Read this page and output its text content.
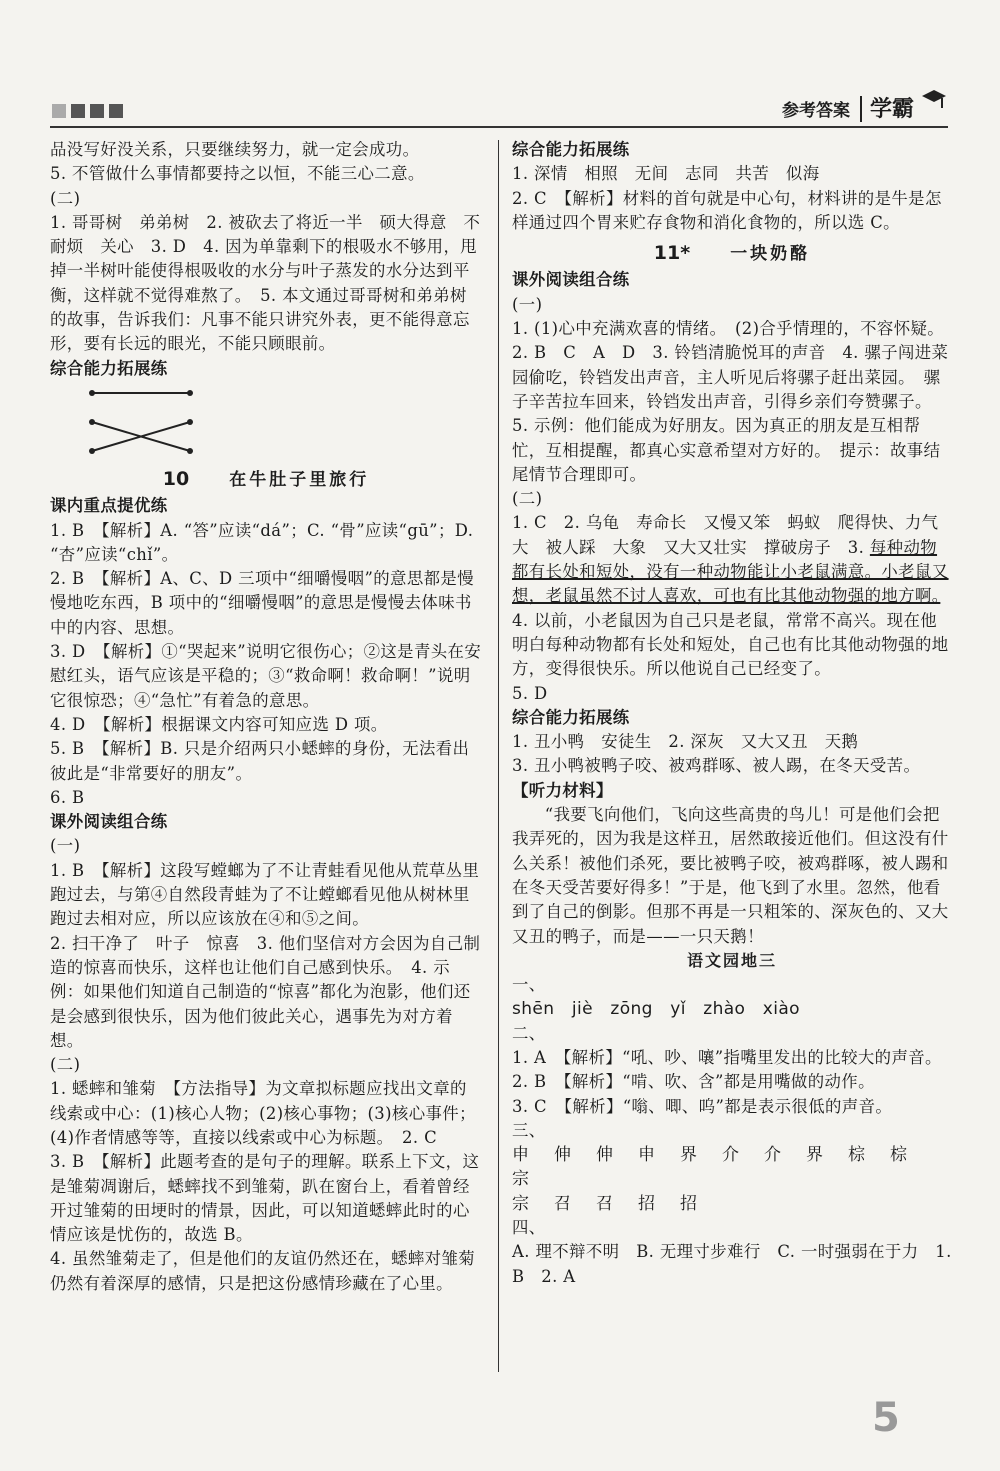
参考答案 学霸

品没写好没关系，只要继续努力，就一定会成功。

5. 不管做什么事情都要持之以恒，不能三心二意。

(二)

1. 哥哥树　弟弟树　2. 被砍去了将近一半　硕大得意　不耐烦　关心　3. D　4. 因为单靠剩下的根吸水不够用，甩掉一半树叶能使得根吸收的水分与叶子蒸发的水分达到平衡，这样就不觉得难熬了。　5. 本文通过哥哥树和弟弟树的故事，告诉我们：凡事不能只讲究外表，更不能得意忘形，要有长远的眼光，不能只顾眼前。

综合能力拓展练

10 在牛肚子里旅行

课内重点提优练

1. B　【解析】A. “答”应读“dá”；C. “骨”应读“gū”；D. “杏”应读“chǐ”。

2. B　【解析】A、C、D 三项中“细嚼慢咽”的意思都是慢慢地吃东西，B 项中的“细嚼慢咽”的意思是慢慢去体味书中的内容、思想。

3. D　【解析】①“哭起来”说明它很伤心；②这是青头在安慰红头，语气应该是平稳的；③“救命啊！救命啊！”说明它很惊恐；④“急忙”有着急的意思。

4. D　【解析】根据课文内容可知应选 D 项。

5. B　【解析】B. 只是介绍两只小蟋蟀的身份，无法看出彼此是“非常要好的朋友”。

6. B

课外阅读组合练

(一)

1. B　【解析】这段写螳螂为了不让青蛙看见他从荒草丛里跑过去，与第④自然段青蛙为了不让螳螂看见他从树林里跑过去相对应，所以应该放在④和⑤之间。

2. 扫干净了　叶子　惊喜　3. 他们坚信对方会因为自己制造的惊喜而快乐，这样也让他们自己感到快乐。　4. 示例：如果他们知道自己制造的“惊喜”都化为泡影，他们还是会感到很快乐，因为他们彼此关心，遇事先为对方着想。

(二)

1. 蟋蟀和雏菊　【方法指导】为文章拟标题应找出文章的线索或中心：(1)核心人物；(2)核心事物；(3)核心事件；(4)作者情感等等，直接以线索或中心为标题。　2. C

3. B　【解析】此题考查的是句子的理解。联系上下文，这是雏菊凋谢后，蟋蟀找不到雏菊，趴在窗台上，看着曾经开过雏菊的田埂时的情景，因此，可以知道蟋蟀此时的心情应该是忧伤的，故选 B。

4. 虽然雏菊走了，但是他们的友谊仍然还在，蟋蟀对雏菊仍然有着深厚的感情，只是把这份感情珍藏在了心里。

综合能力拓展练

1. 深情　相照　无间　志同　共苦　似海

2. C　【解析】材料的首句就是中心句，材料讲的是牛是怎样通过四个胃来贮存食物和消化食物的，所以选 C。

11* 一块奶酪

课外阅读组合练

(一)

1. (1)心中充满欢喜的情绪。　(2)合乎情理的，不容怀疑。　2. B　C　A　D　3. 铃铛清脆悦耳的声音　4. 骡子闯进菜园偷吃，铃铛发出声音，主人听见后将骡子赶出菜园。　骡子辛苦拉车回来，铃铛发出声音，引得乡亲们夸赞骡子。　5. 示例：他们能成为好朋友。因为真正的朋友是互相帮忙，互相提醒，都真心实意希望对方好的。　提示：故事结尾情节合理即可。

(二)

1. C　2. 乌龟　寿命长　又慢又笨　蚂蚁　爬得快、力气大　被人踩　大象　又大又壮实　撑破房子　3. 每种动物都有长处和短处，没有一种动物能让小老鼠满意。小老鼠又想，老鼠虽然不讨人喜欢，可也有比其他动物强的地方啊。　4. 以前，小老鼠因为自己只是老鼠，常常不高兴。现在他明白每种动物都有长处和短处，自己也有比其他动物强的地方，变得很快乐。所以他说自己已经变了。

5. D

综合能力拓展练

1. 丑小鸭　安徒生　2. 深灰　又大又丑　天鹅

3. 丑小鸭被鸭子咬、被鸡群啄、被人踢，在冬天受苦。

【听力材料】

“我要飞向他们，飞向这些高贵的鸟儿！可是他们会把我弄死的，因为我是这样丑，居然敢接近他们。但这没有什么关系！被他们杀死，要比被鸭子咬，被鸡群啄，被人踢和在冬天受苦要好得多！”于是，他飞到了水里。忽然，他看到了自己的倒影。但那不再是一只粗笨的、深灰色的、又大又丑的鸭子，而是——一只天鹅！

语文园地三

一、

shēn　jiè　zōng　yǐ　zhào　xiào

二、

1. A　【解析】“吼、吵、嚷”指嘴里发出的比较大的声音。

2. B　【解析】“啃、吹、含”都是用嘴做的动作。

3. C　【解析】“嗡、唧、呜”都是表示很低的声音。

三、

申　伸　伸　申　界　介　介　界　棕　棕　宗

宗　召　召　招　招

四、

A. 理不辩不明　B. 无理寸步难行　C. 一时强弱在于力　1. B　2. A

5
